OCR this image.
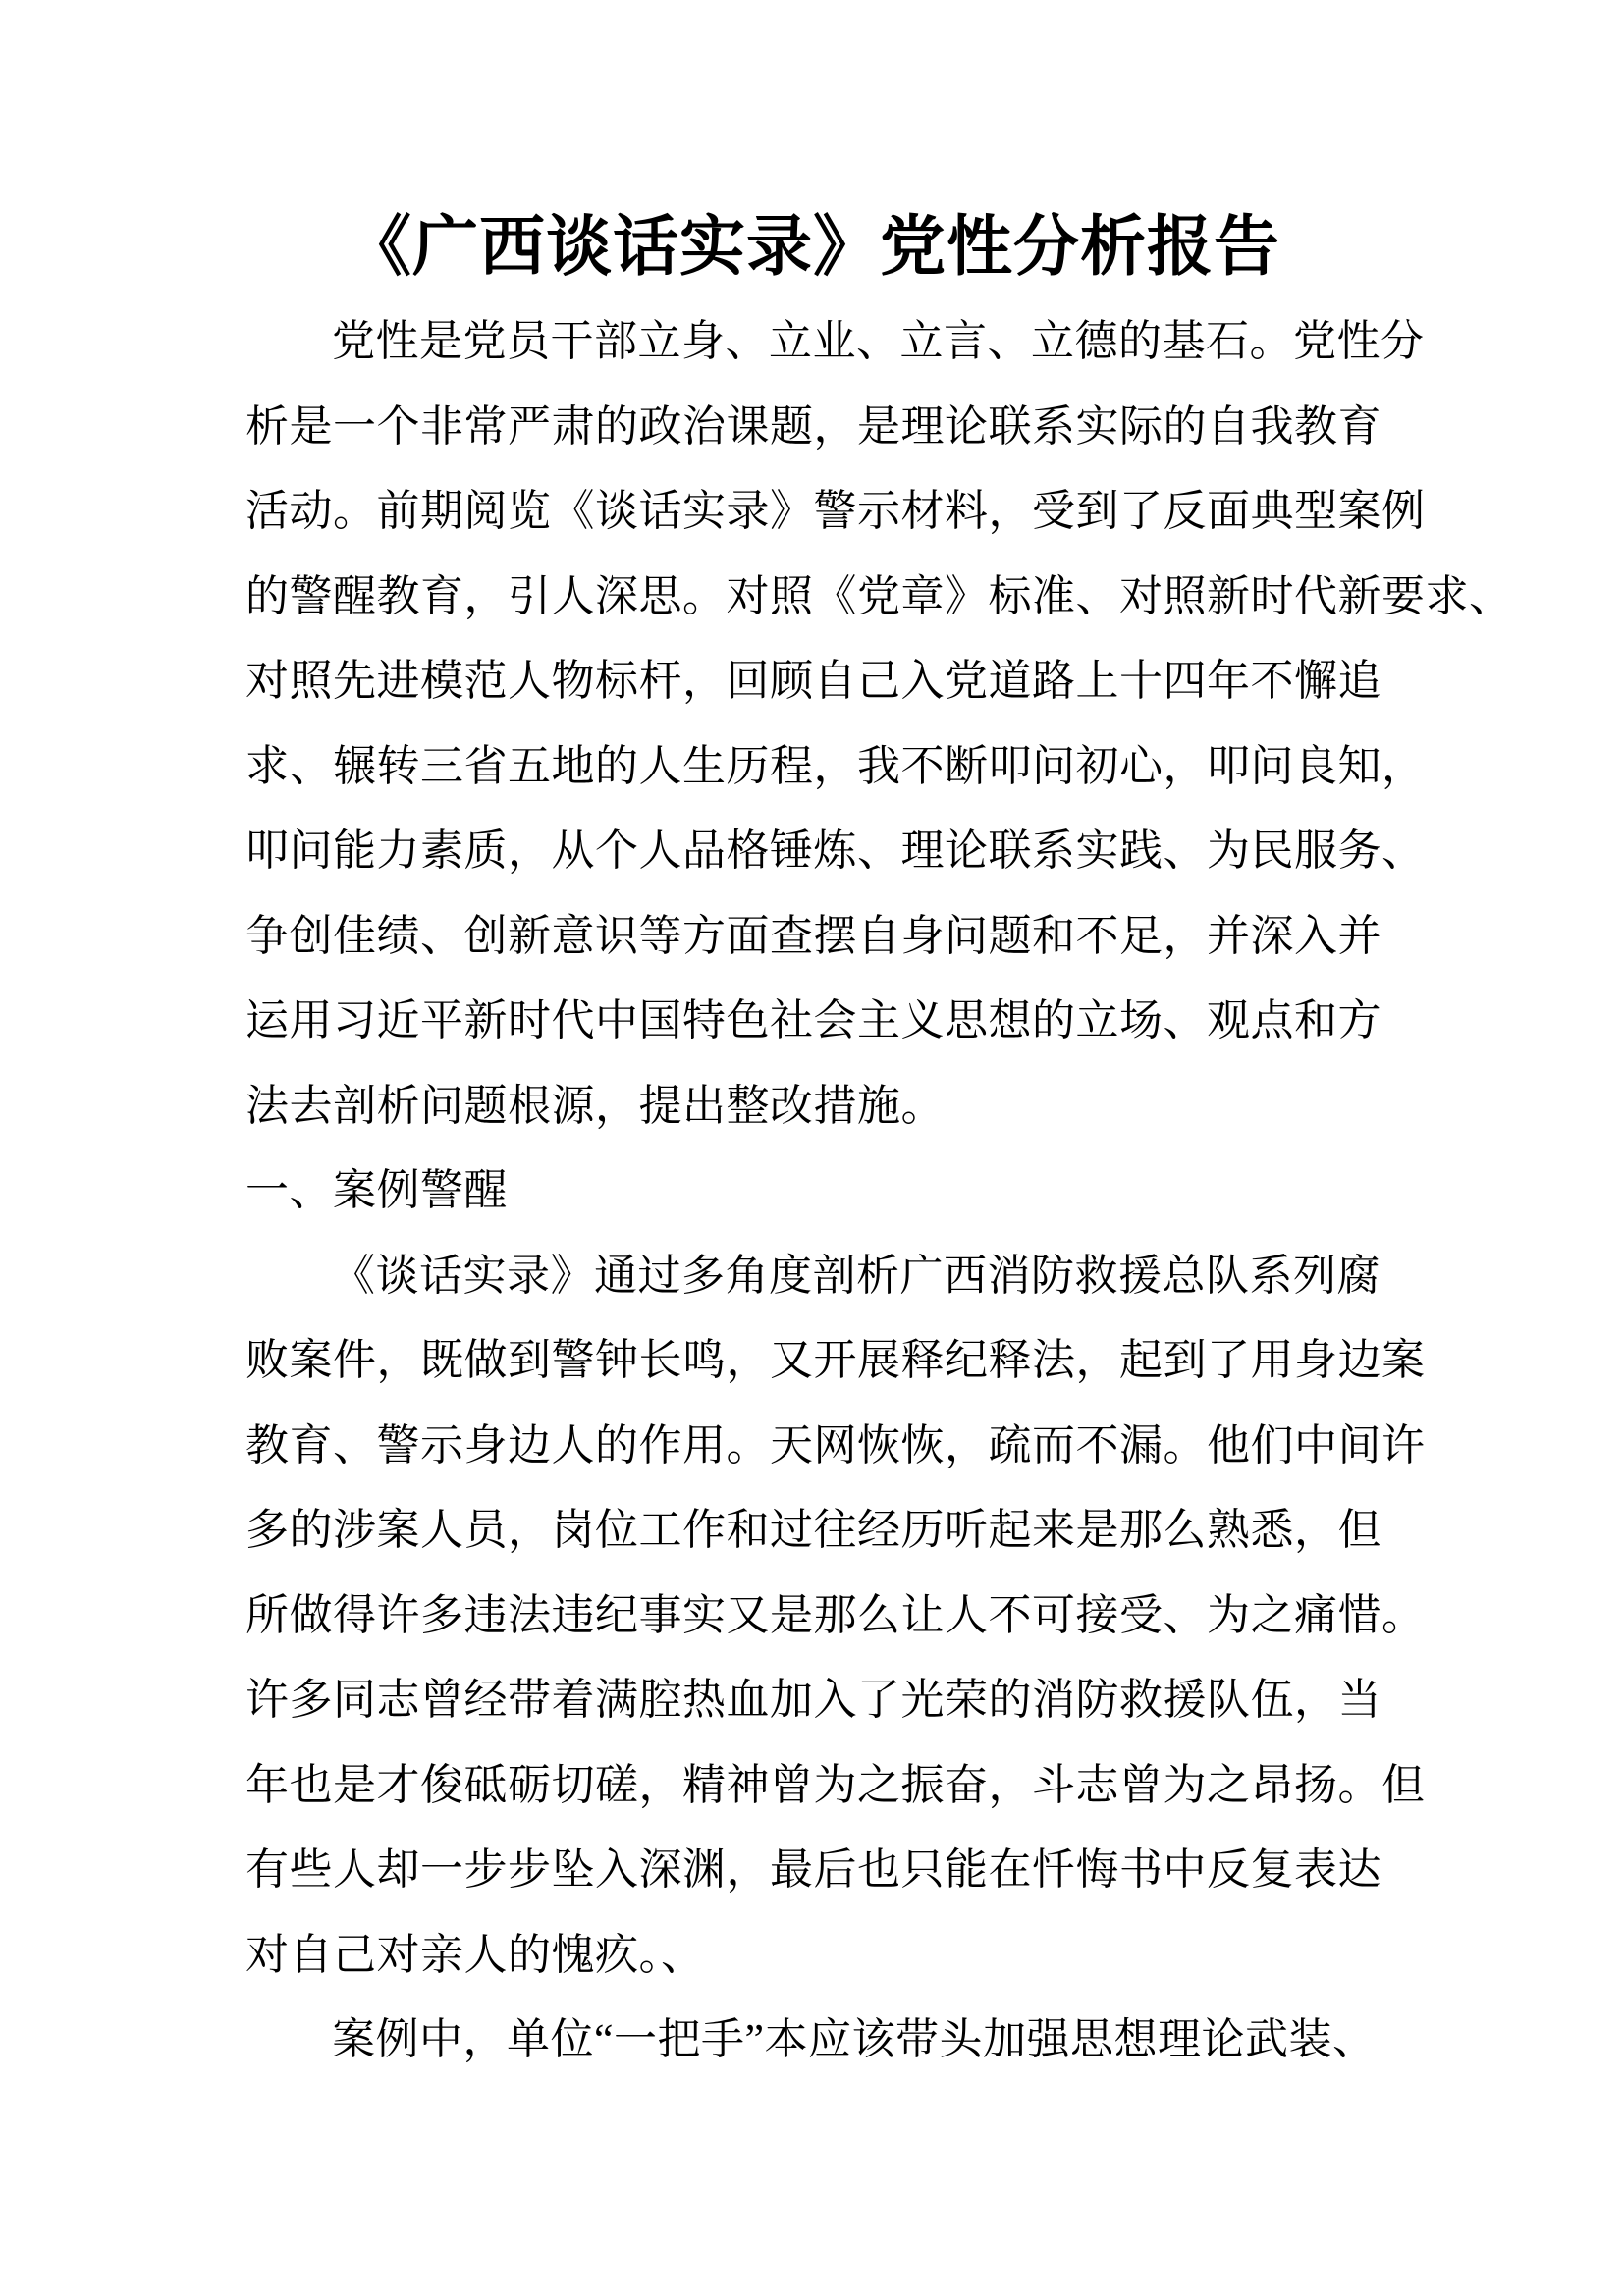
《广西谈话实录》党性分析报告
党性是党员干部立身、立业、立言、立德的基石。党性分
析是一个非常严肃的政治课题，是理论联系实际的自我教育
活动。前期阅览《谈话实录》警示材料，受到了反面典型案例
的警醒教育，引人深思。对照《党章》标准、对照新时代新要求、
对照先进模范人物标杆，回顾自己入党道路上十四年不懈追
求、辗转三省五地的人生历程，我不断叩问初心，叩问良知，
叩问能力素质，从个人品格锤炼、理论联系实践、为民服务、
争创佳绩、创新意识等方面查摆自身问题和不足，并深入并
运用习近平新时代中国特色社会主义思想的立场、观点和方
法去剖析问题根源，提出整改措施。
一、案例警醒
《谈话实录》通过多角度剖析广西消防救援总队系列腐
败案件，既做到警钟长鸣，又开展释纪释法，起到了用身边案
教育、警示身边人的作用。天网恢恢，疏而不漏。他们中间许
多的涉案人员，岗位工作和过往经历听起来是那么熟悉，但
所做得许多违法违纪事实又是那么让人不可接受、为之痛惜。
许多同志曾经带着满腔热血加入了光荣的消防救援队伍，当
年也是才俊砥砺切磋，精神曾为之振奋，斗志曾为之昂扬。但
有些人却一步步坠入深渊，最后也只能在忏悔书中反复表达
对自己对亲人的愧疚。、
案例中，单位“一把手”本应该带头加强思想理论武装、
